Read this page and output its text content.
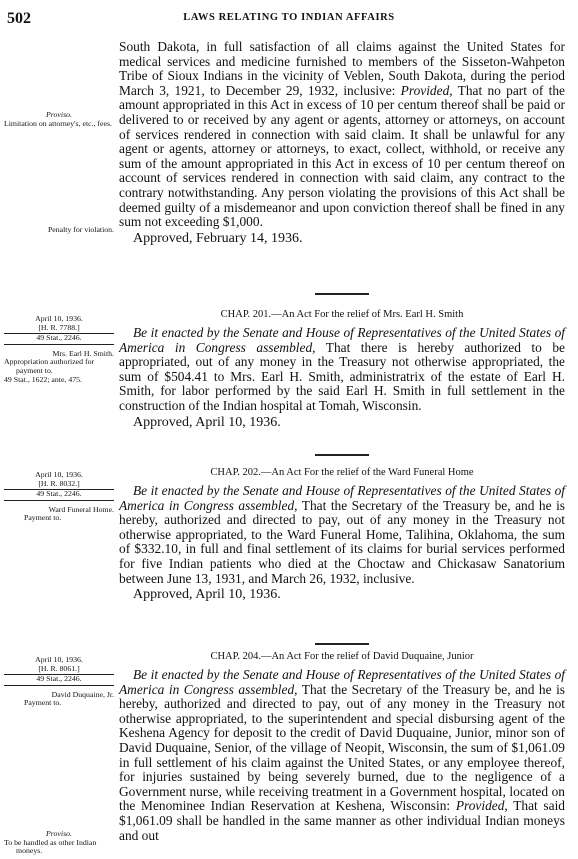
502	LAWS RELATING TO INDIAN AFFAIRS

South Dakota, in full satisfaction of all claims against the United States for medical services and medicine furnished to members of the Sisseton-Wahpeton Tribe of Sioux Indians in the vicinity of Veblen, South Dakota, during the period March 3, 1921, to December 29, 1932, inclusive: Provided, That no part of the amount appropriated in this Act in excess of 10 per centum thereof shall be paid or delivered to or received by any agent or agents, attorney or attorneys, on account of services rendered in connection with said claim. It shall be unlawful for any agent or agents, attorney or attorneys, to exact, collect, withhold, or receive any sum of the amount appropriated in this Act in excess of 10 per centum thereof on account of services rendered in connection with said claim, any contract to the contrary notwithstanding. Any person violating the provisions of this Act shall be deemed guilty of a misdemeanor and upon conviction thereof shall be fined in any sum not exceeding $1,000.

Approved, February 14, 1936.

Proviso.
Limitation on attorney's, etc., fees.
Penalty for violation.
CHAP. 201.—An Act For the relief of Mrs. Earl H. Smith

Be it enacted by the Senate and House of Representatives of the United States of America in Congress assembled, That there is hereby authorized to be appropriated, out of any money in the Treasury not otherwise appropriated, the sum of $504.41 to Mrs. Earl H. Smith, administratrix of the estate of Earl H. Smith, for labor performed by the said Earl H. Smith in full settlement in the construction of the Indian hospital at Tomah, Wisconsin.

Approved, April 10, 1936.

April 10, 1936.
[H. R. 7788.]
49 Stat., 2246.
Mrs. Earl H. Smith.
Appropriation authorized for payment to.
49 Stat., 1622; ante, 475.
CHAP. 202.—An Act For the relief of the Ward Funeral Home

Be it enacted by the Senate and House of Representatives of the United States of America in Congress assembled, That the Secretary of the Treasury be, and he is hereby, authorized and directed to pay, out of any money in the Treasury not otherwise appropriated, to the Ward Funeral Home, Talihina, Oklahoma, the sum of $332.10, in full and final settlement of its claims for burial services performed for five Indian patients who died at the Choctaw and Chickasaw Sanatorium between June 13, 1931, and March 26, 1932, inclusive.

Approved, April 10, 1936.

April 10, 1936.
[H. R. 8032.]
49 Stat., 2246.
Ward Funeral Home.
Payment to.
CHAP. 204.—An Act For the relief of David Duquaine, Junior

Be it enacted by the Senate and House of Representatives of the United States of America in Congress assembled, That the Secretary of the Treasury be, and he is hereby, authorized and directed to pay, out of any money in the Treasury not otherwise appropriated, to the superintendent and special disbursing agent of the Keshena Agency for deposit to the credit of David Duquaine, Junior, minor son of David Duquaine, Senior, of the village of Neopit, Wisconsin, the sum of $1,061.09 in full settlement of his claim against the United States, or any employee thereof, for injuries sustained by being severely burned, due to the negligence of a Government nurse, while receiving treatment in a Government hospital, located on the Menominee Indian Reservation at Keshena, Wisconsin: Provided, That said $1,061.09 shall be handled in the same manner as other individual Indian moneys and out

April 10, 1936.
[H. R. 8061.]
49 Stat., 2246.
David Duquaine, Jr.
Payment to.
Proviso.
To be handled as other Indian moneys.
